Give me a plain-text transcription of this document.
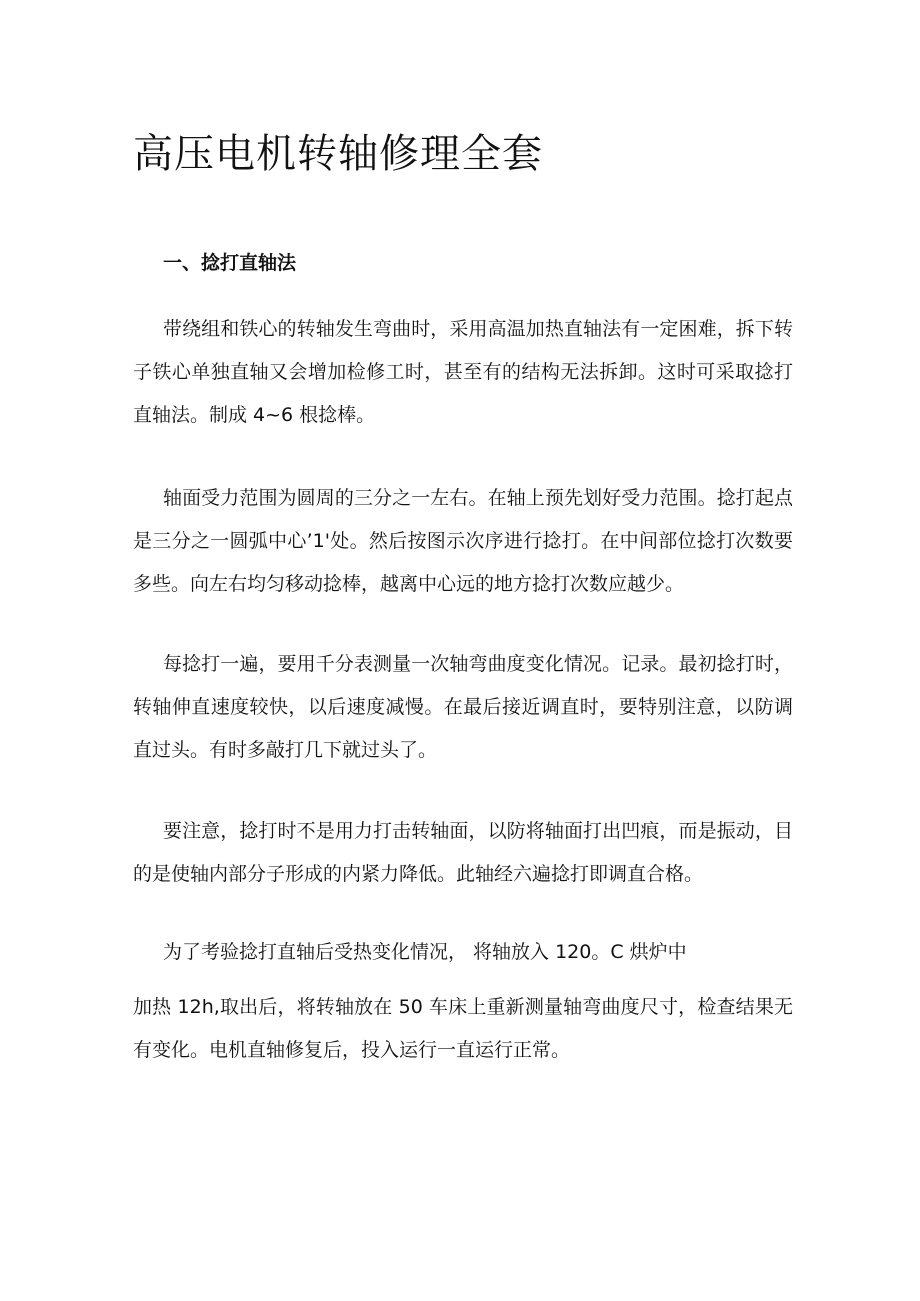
高压电机转轴修理全套
一、捻打直轴法

带绕组和铁心的转轴发生弯曲时，采用高温加热直轴法有一定困难，拆下转子铁心单独直轴又会增加检修工时，甚至有的结构无法拆卸。这时可采取捻打直轴法。制成 4~6 根捻棒。

轴面受力范围为圆周的三分之一左右。在轴上预先划好受力范围。捻打起点是三分之一圆弧中心’1'处。然后按图示次序进行捻打。在中间部位捻打次数要多些。向左右均匀移动捻棒，越离中心远的地方捻打次数应越少。

每捻打一遍，要用千分表测量一次轴弯曲度变化情况。记录。最初捻打时，转轴伸直速度较快，以后速度减慢。在最后接近调直时，要特别注意，以防调直过头。有时多敲打几下就过头了。

要注意，捻打时不是用力打击转轴面，以防将轴面打出凹痕，而是振动，目的是使轴内部分子形成的内紧力降低。此轴经六遍捻打即调直合格。

为了考验捻打直轴后受热变化情况， 将轴放入 120。C 烘炉中

加热 12h,取出后，将转轴放在 50 车床上重新测量轴弯曲度尺寸，检查结果无有变化。电机直轴修复后，投入运行一直运行正常。
